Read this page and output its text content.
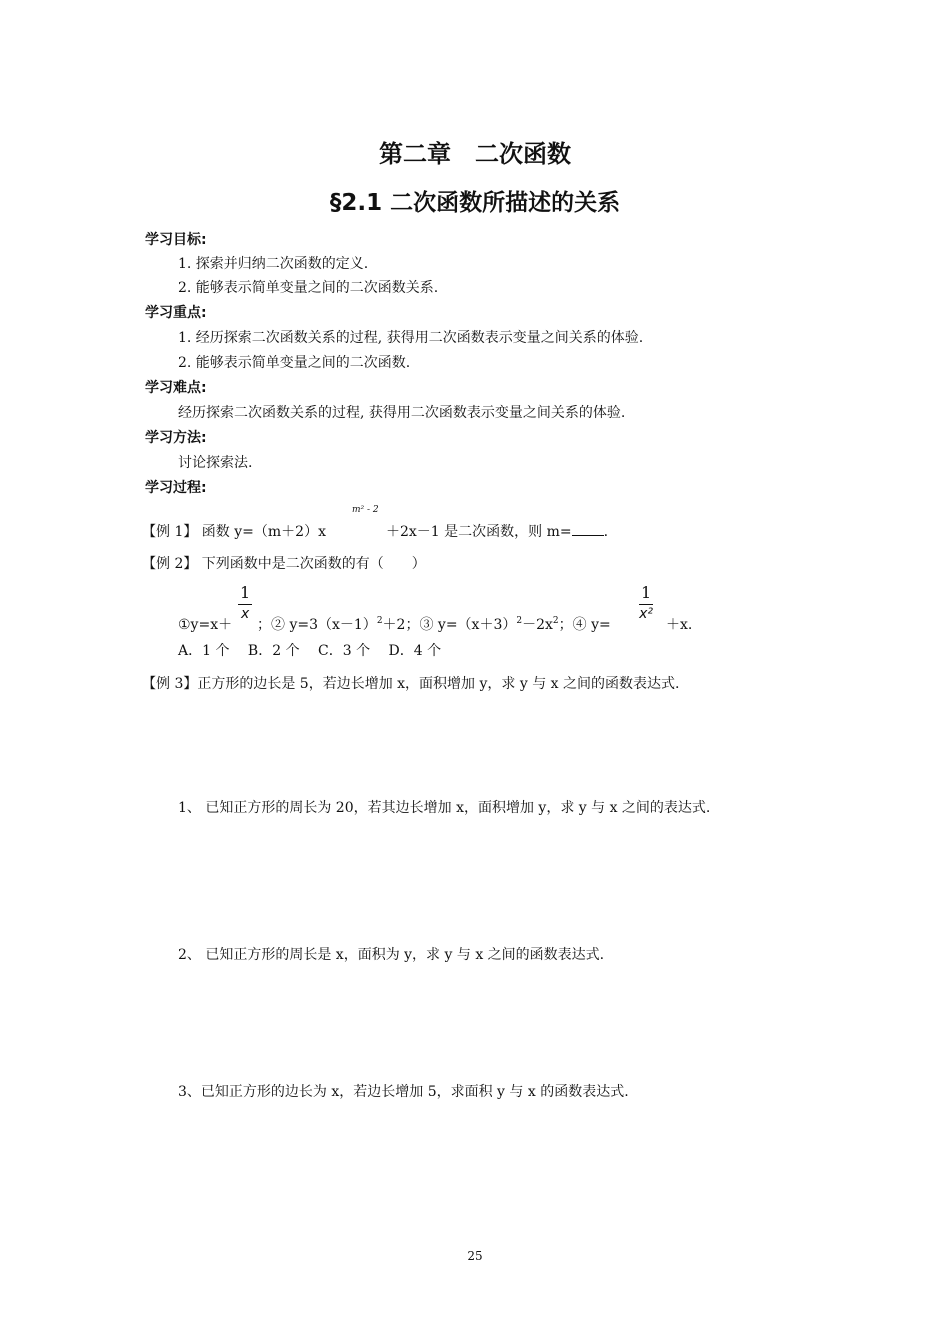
第二章　二次函数
§2.1 二次函数所描述的关系
学习目标:
1. 探索并归纳二次函数的定义.
2. 能够表示简单变量之间的二次函数关系.
学习重点:
1. 经历探索二次函数关系的过程, 获得用二次函数表示变量之间关系的体验.
2. 能够表示简单变量之间的二次函数.
学习难点:
经历探索二次函数关系的过程, 获得用二次函数表示变量之间关系的体验.
学习方法:
讨论探索法.
学习过程:
【例 1】 函数 y=（m＋2）x
m² - 2
＋2x－1 是二次函数，则 m= .
【例 2】 下列函数中是二次函数的有（　　）
①y=x＋
$\frac{1}{x}$
；② $y=3(x-1)^2+2$；③ $y=(x+3)^2-2x^2$；④ y=
$\frac{1}{\text{x²}}$
＋x.
A．1 个　 B．2 个　 C．3 个　 D．4 个
【例 3】正方形的边长是 5，若边长增加 x，面积增加 y，求 y 与 x 之间的函数表达式.
1、 已知正方形的周长为 20，若其边长增加 x，面积增加 y，求 y 与 x 之间的表达式.
2、 已知正方形的周长是 x，面积为 y，求 y 与 x 之间的函数表达式.
3、已知正方形的边长为 x，若边长增加 5，求面积 y 与 x 的函数表达式.
25
